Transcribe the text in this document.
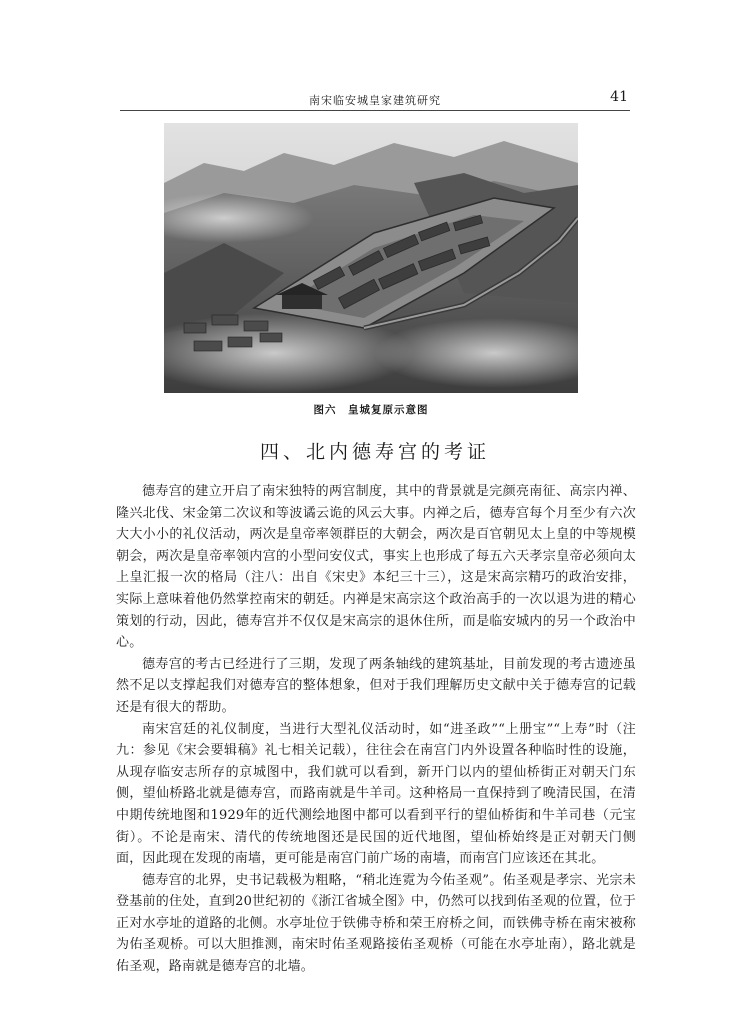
南宋临安城皇家建筑研究	41
图六　皇城复原示意图
四、北内德寿宫的考证

德寿宫的建立开启了南宋独特的两宫制度，其中的背景就是完颜亮南征、高宗内禅、隆兴北伐、宋金第二次议和等波谲云诡的风云大事。内禅之后，德寿宫每个月至少有六次大大小小的礼仪活动，两次是皇帝率领群臣的大朝会，两次是百官朝见太上皇的中等规模朝会，两次是皇帝率领内宫的小型问安仪式，事实上也形成了每五六天孝宗皇帝必须向太上皇汇报一次的格局（注八：出自《宋史》本纪三十三），这是宋高宗精巧的政治安排，实际上意味着他仍然掌控南宋的朝廷。内禅是宋高宗这个政治高手的一次以退为进的精心策划的行动，因此，德寿宫并不仅仅是宋高宗的退休住所，而是临安城内的另一个政治中心。

德寿宫的考古已经进行了三期，发现了两条轴线的建筑基址，目前发现的考古遗迹虽然不足以支撑起我们对德寿宫的整体想象，但对于我们理解历史文献中关于德寿宫的记载还是有很大的帮助。

南宋宫廷的礼仪制度，当进行大型礼仪活动时，如“进圣政”“上册宝”“上寿”时（注九：参见《宋会要辑稿》礼七相关记载），往往会在南宫门内外设置各种临时性的设施，从现存临安志所存的京城图中，我们就可以看到，新开门以内的望仙桥街正对朝天门东侧，望仙桥路北就是德寿宫，而路南就是牛羊司。这种格局一直保持到了晚清民国，在清中期传统地图和1929年的近代测绘地图中都可以看到平行的望仙桥街和牛羊司巷（元宝街）。不论是南宋、清代的传统地图还是民国的近代地图，望仙桥始终是正对朝天门侧面，因此现在发现的南墙，更可能是南宫门前广场的南墙，而南宫门应该还在其北。

德寿宫的北界，史书记载极为粗略，“稍北连霓为今佑圣观”。佑圣观是孝宗、光宗未登基前的住处，直到20世纪初的《浙江省城全图》中，仍然可以找到佑圣观的位置，位于正对水亭址的道路的北侧。水亭址位于铁佛寺桥和荣王府桥之间，而铁佛寺桥在南宋被称为佑圣观桥。可以大胆推测，南宋时佑圣观路接佑圣观桥（可能在水亭址南），路北就是佑圣观，路南就是德寿宫的北墙。
